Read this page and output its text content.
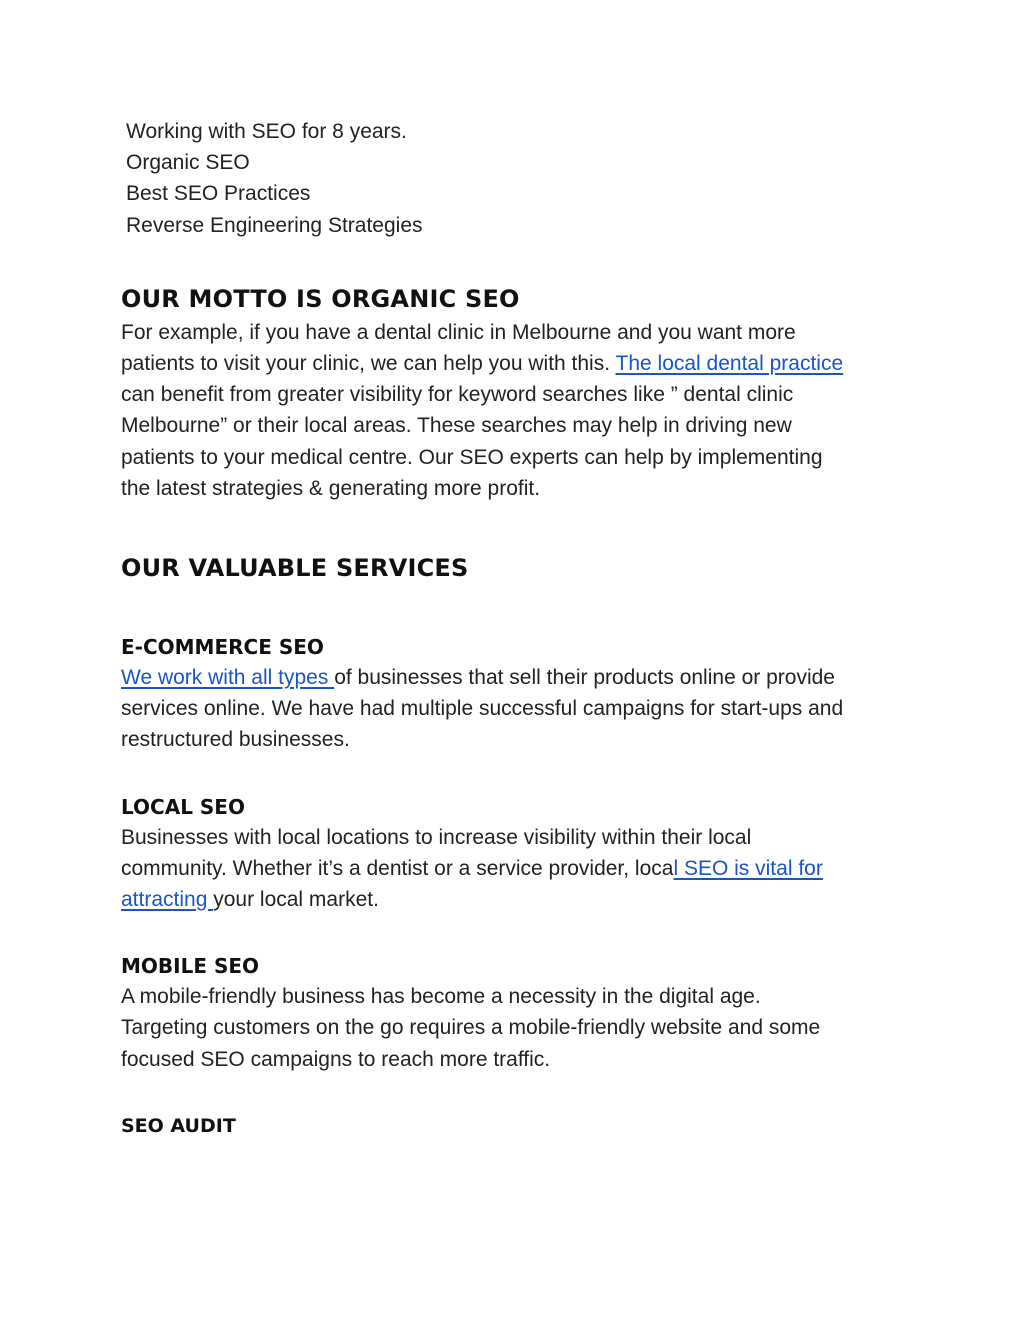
Working with SEO for 8 years.
Organic SEO
Best SEO Practices
Reverse Engineering Strategies
OUR MOTTO IS ORGANIC SEO

For example, if you have a dental clinic in Melbourne and you want more
patients to visit your clinic, we can help you with this. The local dental practice
can benefit from greater visibility for keyword searches like ” dental clinic
Melbourne” or their local areas. These searches may help in driving new
patients to your medical centre. Our SEO experts can help by implementing
the latest strategies & generating more profit.

OUR VALUABLE SERVICES
E-COMMERCE SEO

We work with all types of businesses that sell their products online or provide
services online. We have had multiple successful campaigns for start-ups and
restructured businesses.

LOCAL SEO

Businesses with local locations to increase visibility within their local
community. Whether it’s a dentist or a service provider, local SEO is vital for
attracting your local market.

MOBILE SEO

A mobile-friendly business has become a necessity in the digital age.
Targeting customers on the go requires a mobile-friendly website and some
focused SEO campaigns to reach more traffic.

SEO AUDIT
